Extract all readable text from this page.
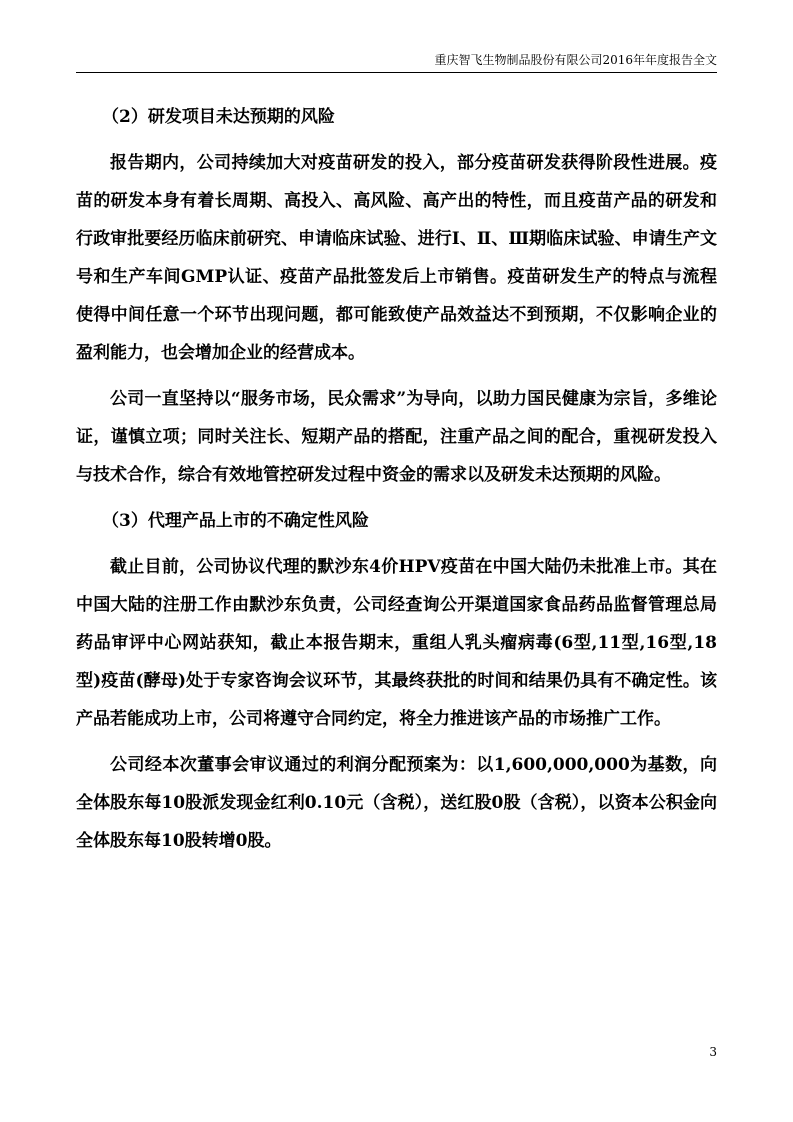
重庆智飞生物制品股份有限公司2016年年度报告全文

（2）研发项目未达预期的风险

报告期内，公司持续加大对疫苗研发的投入，部分疫苗研发获得阶段性进展。疫苗的研发本身有着长周期、高投入、高风险、高产出的特性，而且疫苗产品的研发和行政审批要经历临床前研究、申请临床试验、进行Ⅰ、Ⅱ、Ⅲ期临床试验、申请生产文号和生产车间GMP认证、疫苗产品批签发后上市销售。疫苗研发生产的特点与流程使得中间任意一个环节出现问题，都可能致使产品效益达不到预期，不仅影响企业的盈利能力，也会增加企业的经营成本。

公司一直坚持以“服务市场，民众需求”为导向，以助力国民健康为宗旨，多维论证，谨慎立项；同时关注长、短期产品的搭配，注重产品之间的配合，重视研发投入与技术合作，综合有效地管控研发过程中资金的需求以及研发未达预期的风险。

（3）代理产品上市的不确定性风险

截止目前，公司协议代理的默沙东4价HPV疫苗在中国大陆仍未批准上市。其在中国大陆的注册工作由默沙东负责，公司经查询公开渠道国家食品药品监督管理总局药品审评中心网站获知，截止本报告期末，重组人乳头瘤病毒(6型,11型,16型,18型)疫苗(酵母)处于专家咨询会议环节，其最终获批的时间和结果仍具有不确定性。该产品若能成功上市，公司将遵守合同约定，将全力推进该产品的市场推广工作。

公司经本次董事会审议通过的利润分配预案为：以1,600,000,000为基数，向全体股东每10股派发现金红利0.10元（含税），送红股0股（含税），以资本公积金向全体股东每10股转增0股。

3
